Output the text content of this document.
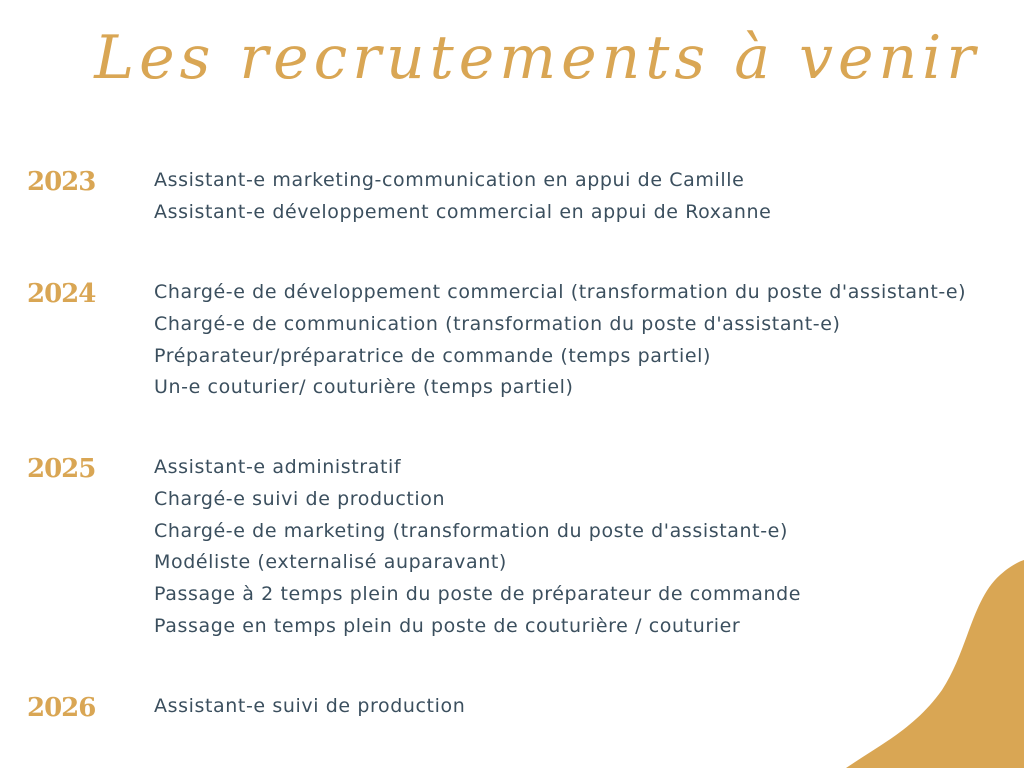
Les recrutements à venir
2023	Assistant-e marketing-communication en appui de Camille
Assistant-e développement commercial en appui de Roxanne
2024	Chargé-e de développement commercial (transformation du poste d'assistant-e)
Chargé-e de communication (transformation du poste d'assistant-e)
Préparateur/préparatrice de commande (temps partiel)
Un-e couturier/ couturière (temps partiel)
2025	Assistant-e administratif
Chargé-e suivi de production
Chargé-e de marketing (transformation du poste d'assistant-e)
Modéliste (externalisé auparavant)
Passage à 2 temps plein du poste de préparateur de commande
Passage en temps plein du poste de couturière / couturier
2026	Assistant-e suivi de production
